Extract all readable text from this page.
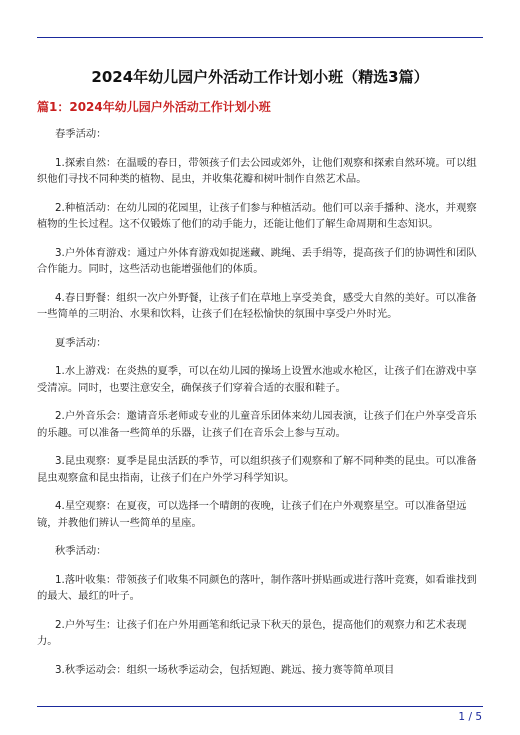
2024年幼儿园户外活动工作计划小班（精选3篇）
篇1：2024年幼儿园户外活动工作计划小班

春季活动：

1.探索自然：在温暖的春日，带领孩子们去公园或郊外，让他们观察和探索自然环境。可以组织他们寻找不同种类的植物、昆虫，并收集花瓣和树叶制作自然艺术品。

2.种植活动：在幼儿园的花园里，让孩子们参与种植活动。他们可以亲手播种、浇水，并观察植物的生长过程。这不仅锻炼了他们的动手能力，还能让他们了解生命周期和生态知识。

3.户外体育游戏：通过户外体育游戏如捉迷藏、跳绳、丢手绢等，提高孩子们的协调性和团队合作能力。同时，这些活动也能增强他们的体质。

4.春日野餐：组织一次户外野餐，让孩子们在草地上享受美食，感受大自然的美好。可以准备一些简单的三明治、水果和饮料，让孩子们在轻松愉快的氛围中享受户外时光。

夏季活动：

1.水上游戏：在炎热的夏季，可以在幼儿园的操场上设置水池或水枪区，让孩子们在游戏中享受清凉。同时，也要注意安全，确保孩子们穿着合适的衣服和鞋子。

2.户外音乐会：邀请音乐老师或专业的儿童音乐团体来幼儿园表演，让孩子们在户外享受音乐的乐趣。可以准备一些简单的乐器，让孩子们在音乐会上参与互动。

3.昆虫观察：夏季是昆虫活跃的季节，可以组织孩子们观察和了解不同种类的昆虫。可以准备昆虫观察盒和昆虫指南，让孩子们在户外学习科学知识。

4.星空观察：在夏夜，可以选择一个晴朗的夜晚，让孩子们在户外观察星空。可以准备望远镜，并教他们辨认一些简单的星座。

秋季活动：

1.落叶收集：带领孩子们收集不同颜色的落叶，制作落叶拼贴画或进行落叶竞赛，如看谁找到的最大、最红的叶子。

2.户外写生：让孩子们在户外用画笔和纸记录下秋天的景色，提高他们的观察力和艺术表现力。

3.秋季运动会：组织一场秋季运动会，包括短跑、跳远、接力赛等简单项目

1 / 5
